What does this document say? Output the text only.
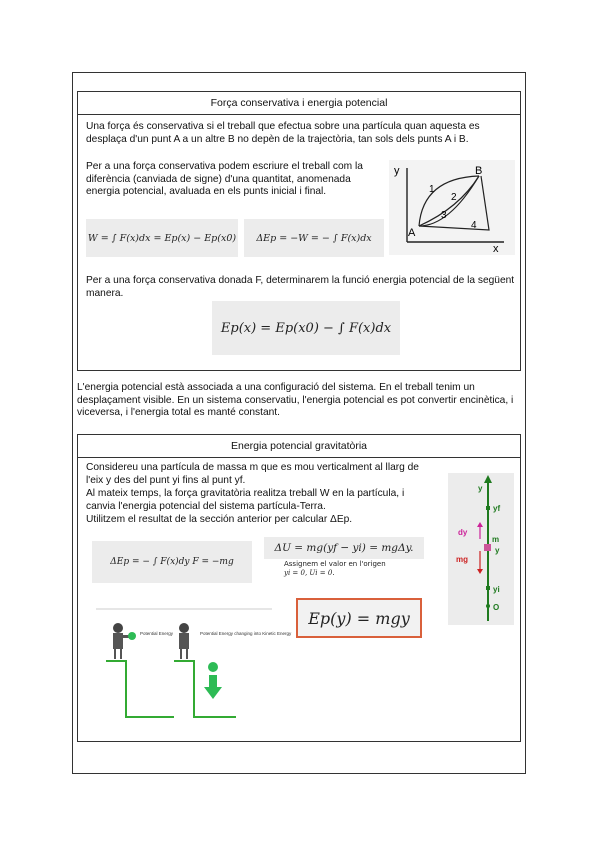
Força conservativa i energia potencial
Una força és conservativa si el treball que efectua sobre una partícula quan aquesta es desplaça d'un punt A a un altre B no depèn de la trajectòria, tan sols dels punts A i B.
Per a una força conservativa podem escriure el treball com la diferència (canviada de signe) d'una quantitat, anomenada energia potencial, avaluada en els punts inicial i final.
y
x
A
B
1
2
3
4
W = ∫ F(x)dx = Ep(x) − Ep(x0)	ΔEp = −W = − ∫ F(x)dx
Per a una força conservativa donada F, determinarem la funció energia potencial de la següent manera.
Ep(x) = Ep(x0) − ∫ F(x)dx
L'energia potencial està associada a una configuració del sistema. En el treball tenim un desplaçament visible. En un sistema conservatiu, l'energia potencial es pot convertir encinètica, i viceversa, i l'energia total es manté constant.
Energia potencial gravitatòria
Considereu una partícula de massa m que es mou verticalment al llarg de l'eix y des del punt yi fins al punt yf.
Al mateix temps, la força gravitatòria realitza treball W en la partícula, i canvia l'energia potencial del sistema partícula-Terra.
Utilitzem el resultat de la sección anterior per calcular ΔEp.
ΔEp = − ∫ F(x)dy F = −mg
ΔU = mg(yf − yi) = mgΔy.
Assignem el valor en l'origen
yi = 0, Ui = 0.
Ep(y) = mgy
Potential Energy	Potential Energy changing into Kinetic Energy
y
yf
dy
m
y
mg
yi
O
